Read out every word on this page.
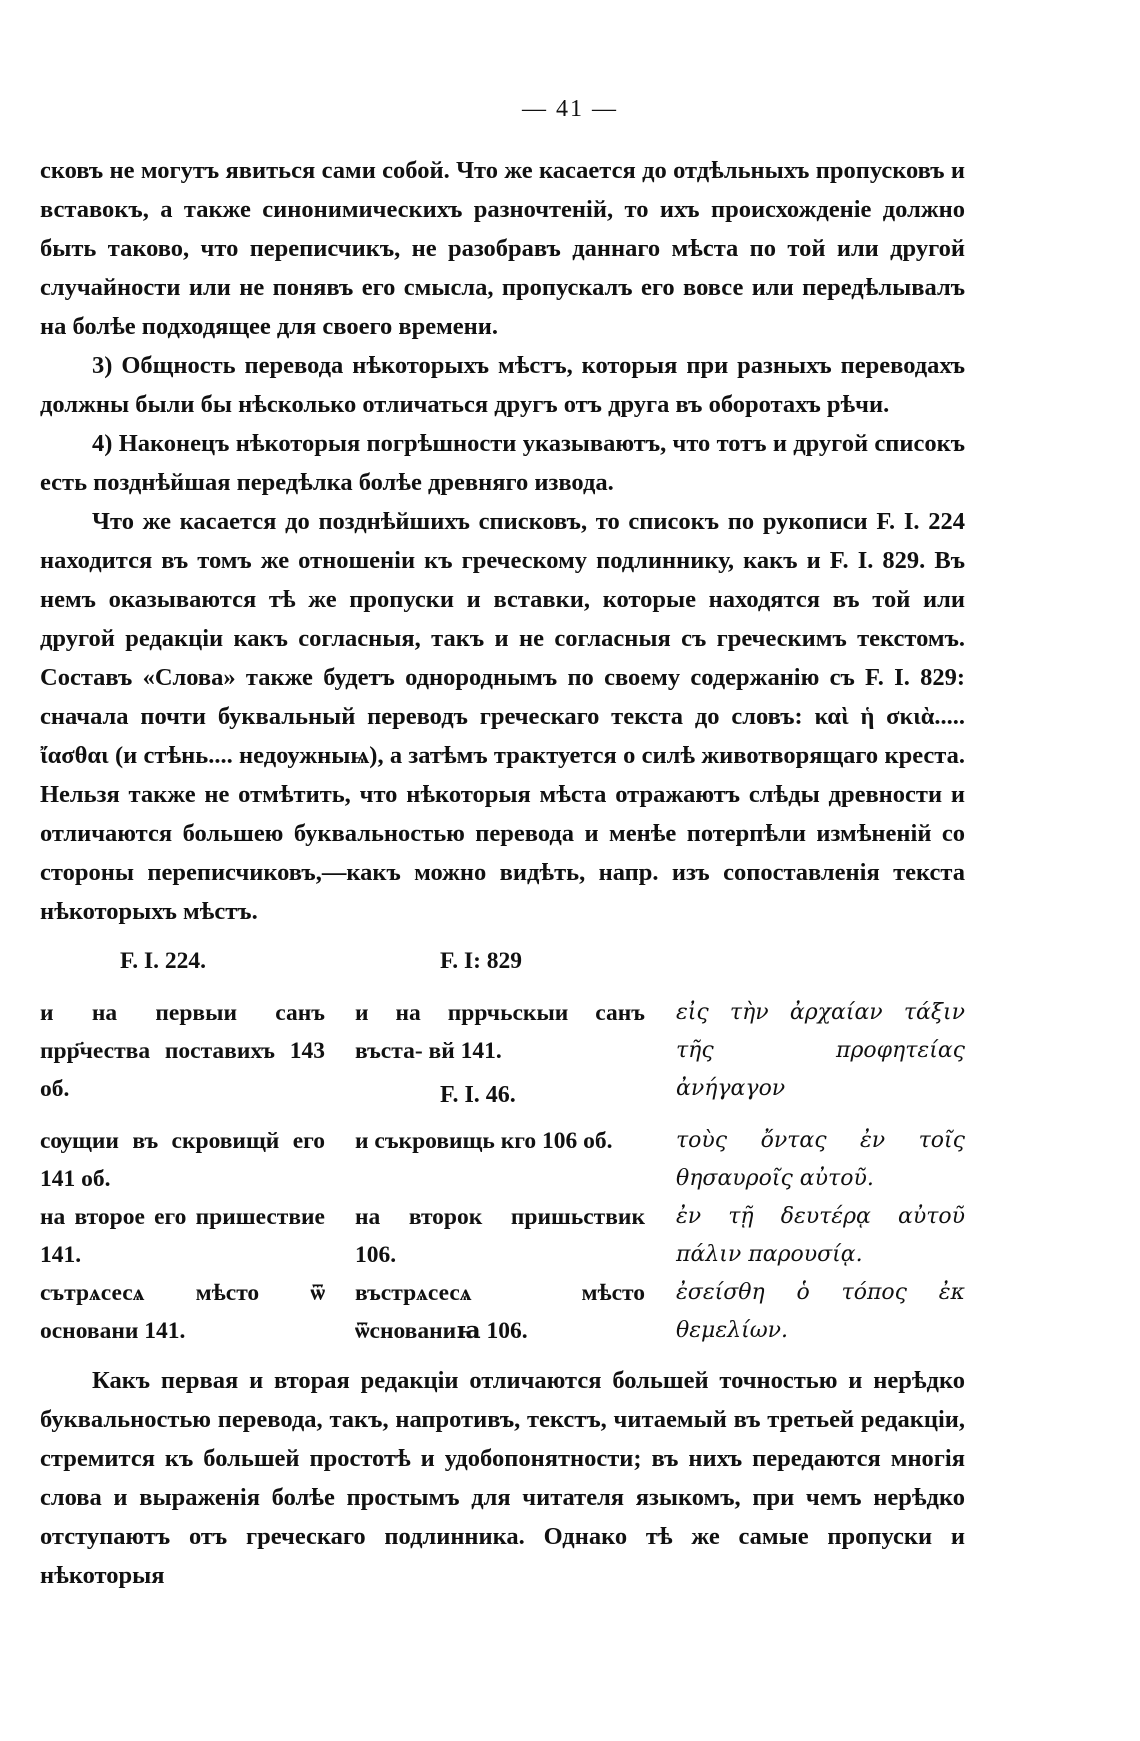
— 41 —

сковъ не могутъ явиться сами собой. Что же касается до отдѣльныхъ пропусковъ и вставокъ, а также синонимическихъ разночтеній, то ихъ происхожденіе должно быть таково, что переписчикъ, не разобравъ даннаго мѣста по той или другой случайности или не понявъ его смысла, пропускалъ его вовсе или передѣлывалъ на болѣе подходящее для своего времени.

3) Общность перевода нѣкоторыхъ мѣстъ, которыя при разныхъ переводахъ должны были бы нѣсколько отличаться другъ отъ друга въ оборотахъ рѣчи.

4) Наконецъ нѣкоторыя погрѣшности указываютъ, что тотъ и другой списокъ есть позднѣйшая передѣлка болѣе древняго извода.

Что же касается до позднѣйшихъ списковъ, то списокъ по рукописи F. I. 224 находится въ томъ же отношеніи къ греческому подлиннику, какъ и F. I. 829. Въ немъ оказываются тѣ же пропуски и вставки, которые находятся въ той или другой редакціи какъ согласныя, такъ и не согласныя съ греческимъ текстомъ. Составъ «Слова» также будетъ однороднымъ по своему содержанію съ F. I. 829: сначала почти буквальный переводъ греческаго текста до словъ: καὶ ἡ σκιὰ..... ἴασθαι (и стѣнь.... недоужныѩ), а затѣмъ трактуется о силѣ животворящаго креста. Нельзя также не отмѣтить, что нѣкоторыя мѣста отражаютъ слѣды древности и отличаются большею буквальностью перевода и менѣе потерпѣли измѣненій со стороны переписчиковъ,—какъ можно видѣть, напр. изъ сопоставленія текста нѣкоторыхъ мѣстъ.

F. I. 224.	F. I: 829
и на первыи санъ прр҃чества поставихъ 143 об.
и на пррчьскыи санъ въста- вй 141.
εἰς τὴν ἀρχαίαν τάξιν τῆς προφητείας ἀνήγαγον
F. I. 46.
сѹщии въ скровищй его 141 об.
и съкровищь кго 106 об.	τοὺς ὄντας ἐν τοῖς θησαυροῖς αὐτοῦ.
на второе его пришествие 141.
на второк пришьствик 106.
ἐν τῇ δευτέρᾳ αὐτοῦ πάλιν παρουσίᾳ.
сътрѧсесѧ мѣсто ѿ основани 141.
въстрѧсесѧ мѣсто ѿснованиꙗ 106.
ἐσείσθη ὁ τόπος ἐκ θεμελίων.

Какъ первая и вторая редакціи отличаются большей точностью и нерѣдко буквальностью перевода, такъ, напротивъ, текстъ, читаемый въ третьей редакціи, стремится къ большей простотѣ и удобопонятности; въ нихъ передаются многія слова и выраженія болѣе простымъ для читателя языкомъ, при чемъ нерѣдко отступаютъ отъ греческаго подлинника. Однако тѣ же самые пропуски и нѣкоторыя
